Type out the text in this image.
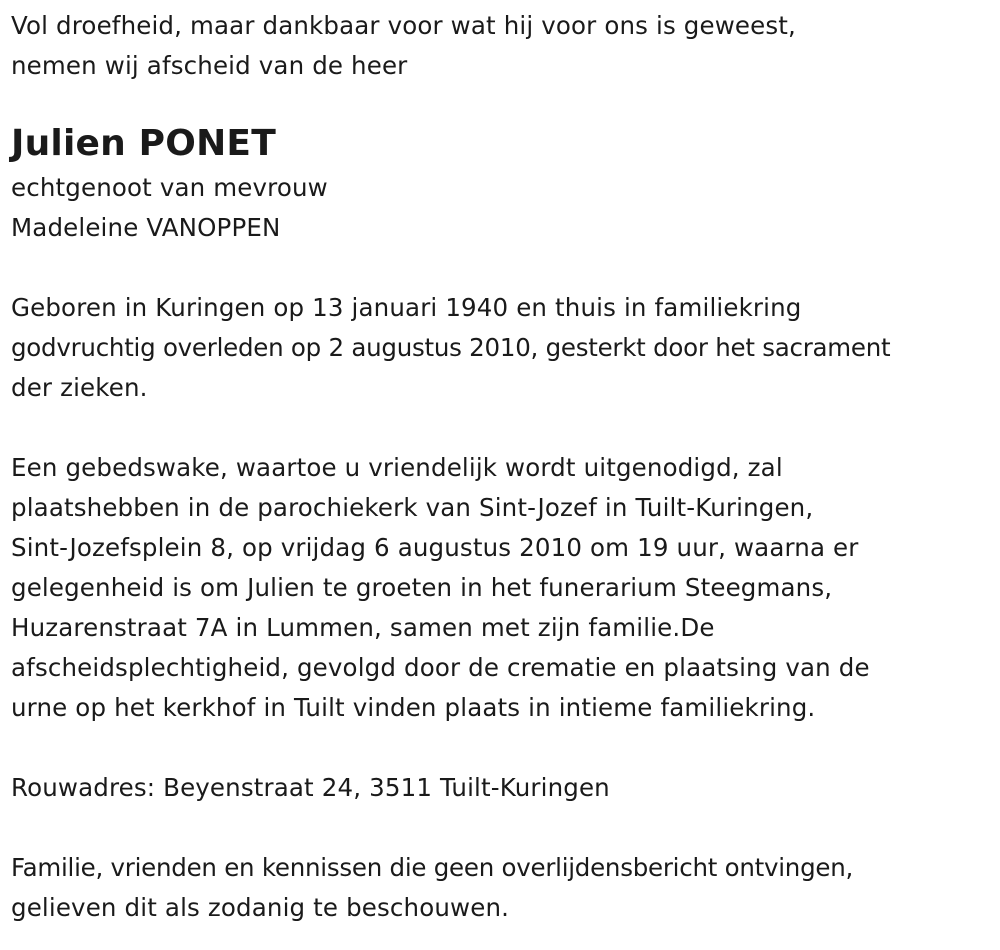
Vol droefheid, maar dankbaar voor wat hij voor ons is geweest,
nemen wij afscheid van de heer
Julien PONET
echtgenoot van mevrouw
Madeleine VANOPPEN
Geboren in Kuringen op 13 januari 1940 en thuis in familiekring
godvruchtig overleden op 2 augustus 2010, gesterkt door het sacrament
der zieken.
Een gebedswake, waartoe u vriendelijk wordt uitgenodigd, zal
plaatshebben in de parochiekerk van Sint-Jozef in Tuilt-Kuringen,
Sint-Jozefsplein 8, op vrijdag 6 augustus 2010 om 19 uur, waarna er
gelegenheid is om Julien te groeten in het funerarium Steegmans,
Huzarenstraat 7A in Lummen, samen met zijn familie.De
afscheidsplechtigheid, gevolgd door de crematie en plaatsing van de
urne op het kerkhof in Tuilt vinden plaats in intieme familiekring.
Rouwadres: Beyenstraat 24, 3511 Tuilt-Kuringen
Familie, vrienden en kennissen die geen overlijdensbericht ontvingen,
gelieven dit als zodanig te beschouwen.
